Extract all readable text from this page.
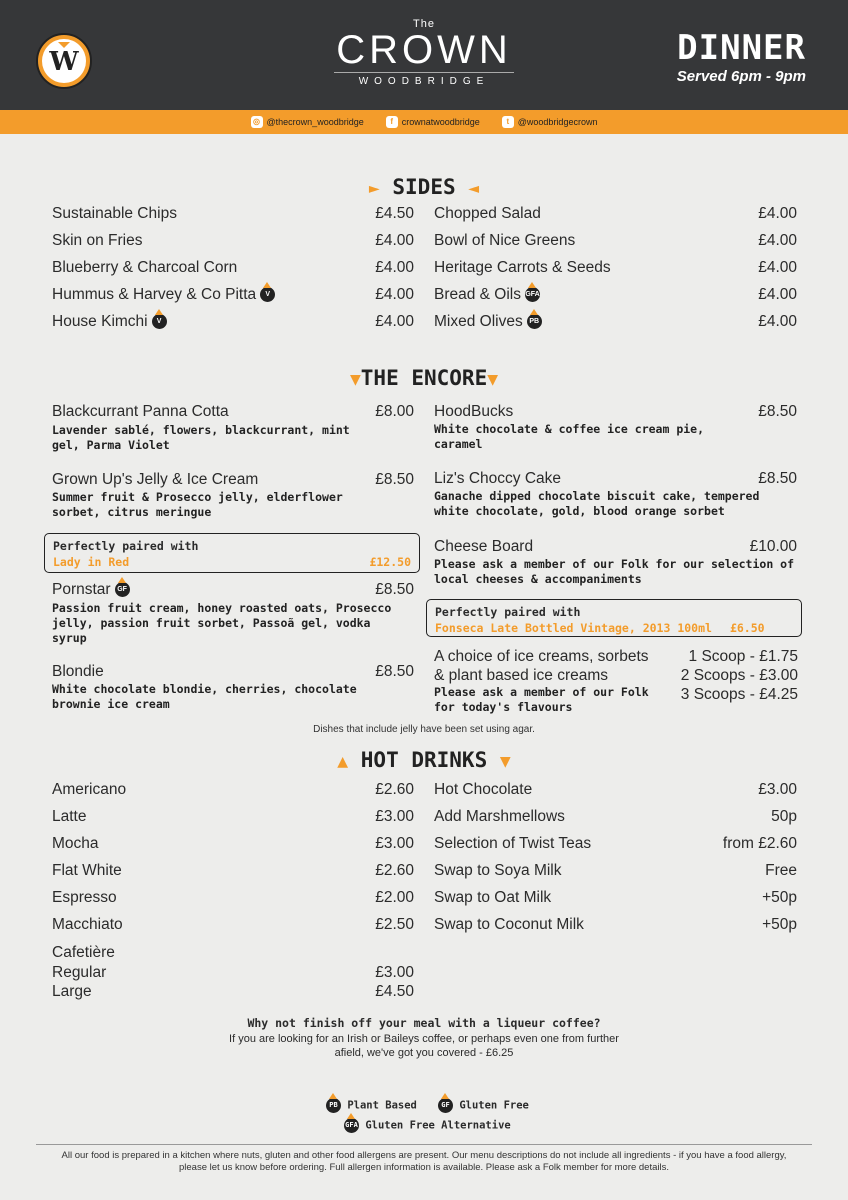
W
The
CROWN
WOODBRIDGE
DINNER
Served 6pm - 9pm
◎ @thecrown_woodbridge	f crownatwoodbridge	t @woodbridgecrown
► SIDES ◄
Sustainable Chips	£4.50
Skin on Fries	£4.00
Blueberry & Charcoal Corn	£4.00
Hummus & Harvey & Co Pitta V	£4.00
House Kimchi V	£4.00
Chopped Salad	£4.00
Bowl of Nice Greens	£4.00
Heritage Carrots & Seeds	£4.00
Bread & Oils GFA	£4.00
Mixed Olives PB	£4.00
▼THE ENCORE▼
Blackcurrant Panna Cotta	£8.00
Lavender sablé, flowers, blackcurrant, mint gel, Parma Violet
Grown Up's Jelly & Ice Cream	£8.50
Summer fruit & Prosecco jelly, elderflower sorbet, citrus meringue
Perfectly paired with
Lady in Red	£12.50
Pornstar GF	£8.50
Passion fruit cream, honey roasted oats, Prosecco jelly, passion fruit sorbet, Passoã gel, vodka syrup
Blondie	£8.50
White chocolate blondie, cherries, chocolate brownie ice cream
HoodBucks	£8.50
White chocolate & coffee ice cream pie, caramel
Liz's Choccy Cake	£8.50
Ganache dipped chocolate biscuit cake, tempered white chocolate, gold, blood orange sorbet
Cheese Board	£10.00
Please ask a member of our Folk for our selection of local cheeses & accompaniments
Perfectly paired with
Fonseca Late Bottled Vintage, 2013 100ml £6.50
A choice of ice creams, sorbets
& plant based ice creams
Please ask a member of our Folk for today's flavours
1 Scoop - £1.75
2 Scoops - £3.00
3 Scoops - £4.25
Dishes that include jelly have been set using agar.
▲ HOT DRINKS ▼
Americano	£2.60
Latte	£3.00
Mocha	£3.00
Flat White	£2.60
Espresso	£2.00
Macchiato	£2.50
Hot Chocolate	£3.00
Add Marshmellows	50p
Selection of Twist Teas	from £2.60
Swap to Soya Milk	Free
Swap to Oat Milk	+50p
Swap to Coconut Milk	+50p
Cafetière
Regular	£3.00
Large	£4.50
Why not finish off your meal with a liqueur coffee?
If you are looking for an Irish or Baileys coffee, or perhaps even one from further afield, we've got you covered - £6.25
PB Plant Based	GF Gluten Free
GFA Gluten Free Alternative
All our food is prepared in a kitchen where nuts, gluten and other food allergens are present. Our menu descriptions do not include all ingredients - if you have a food allergy, please let us know before ordering. Full allergen information is available. Please ask a Folk member for more details.
